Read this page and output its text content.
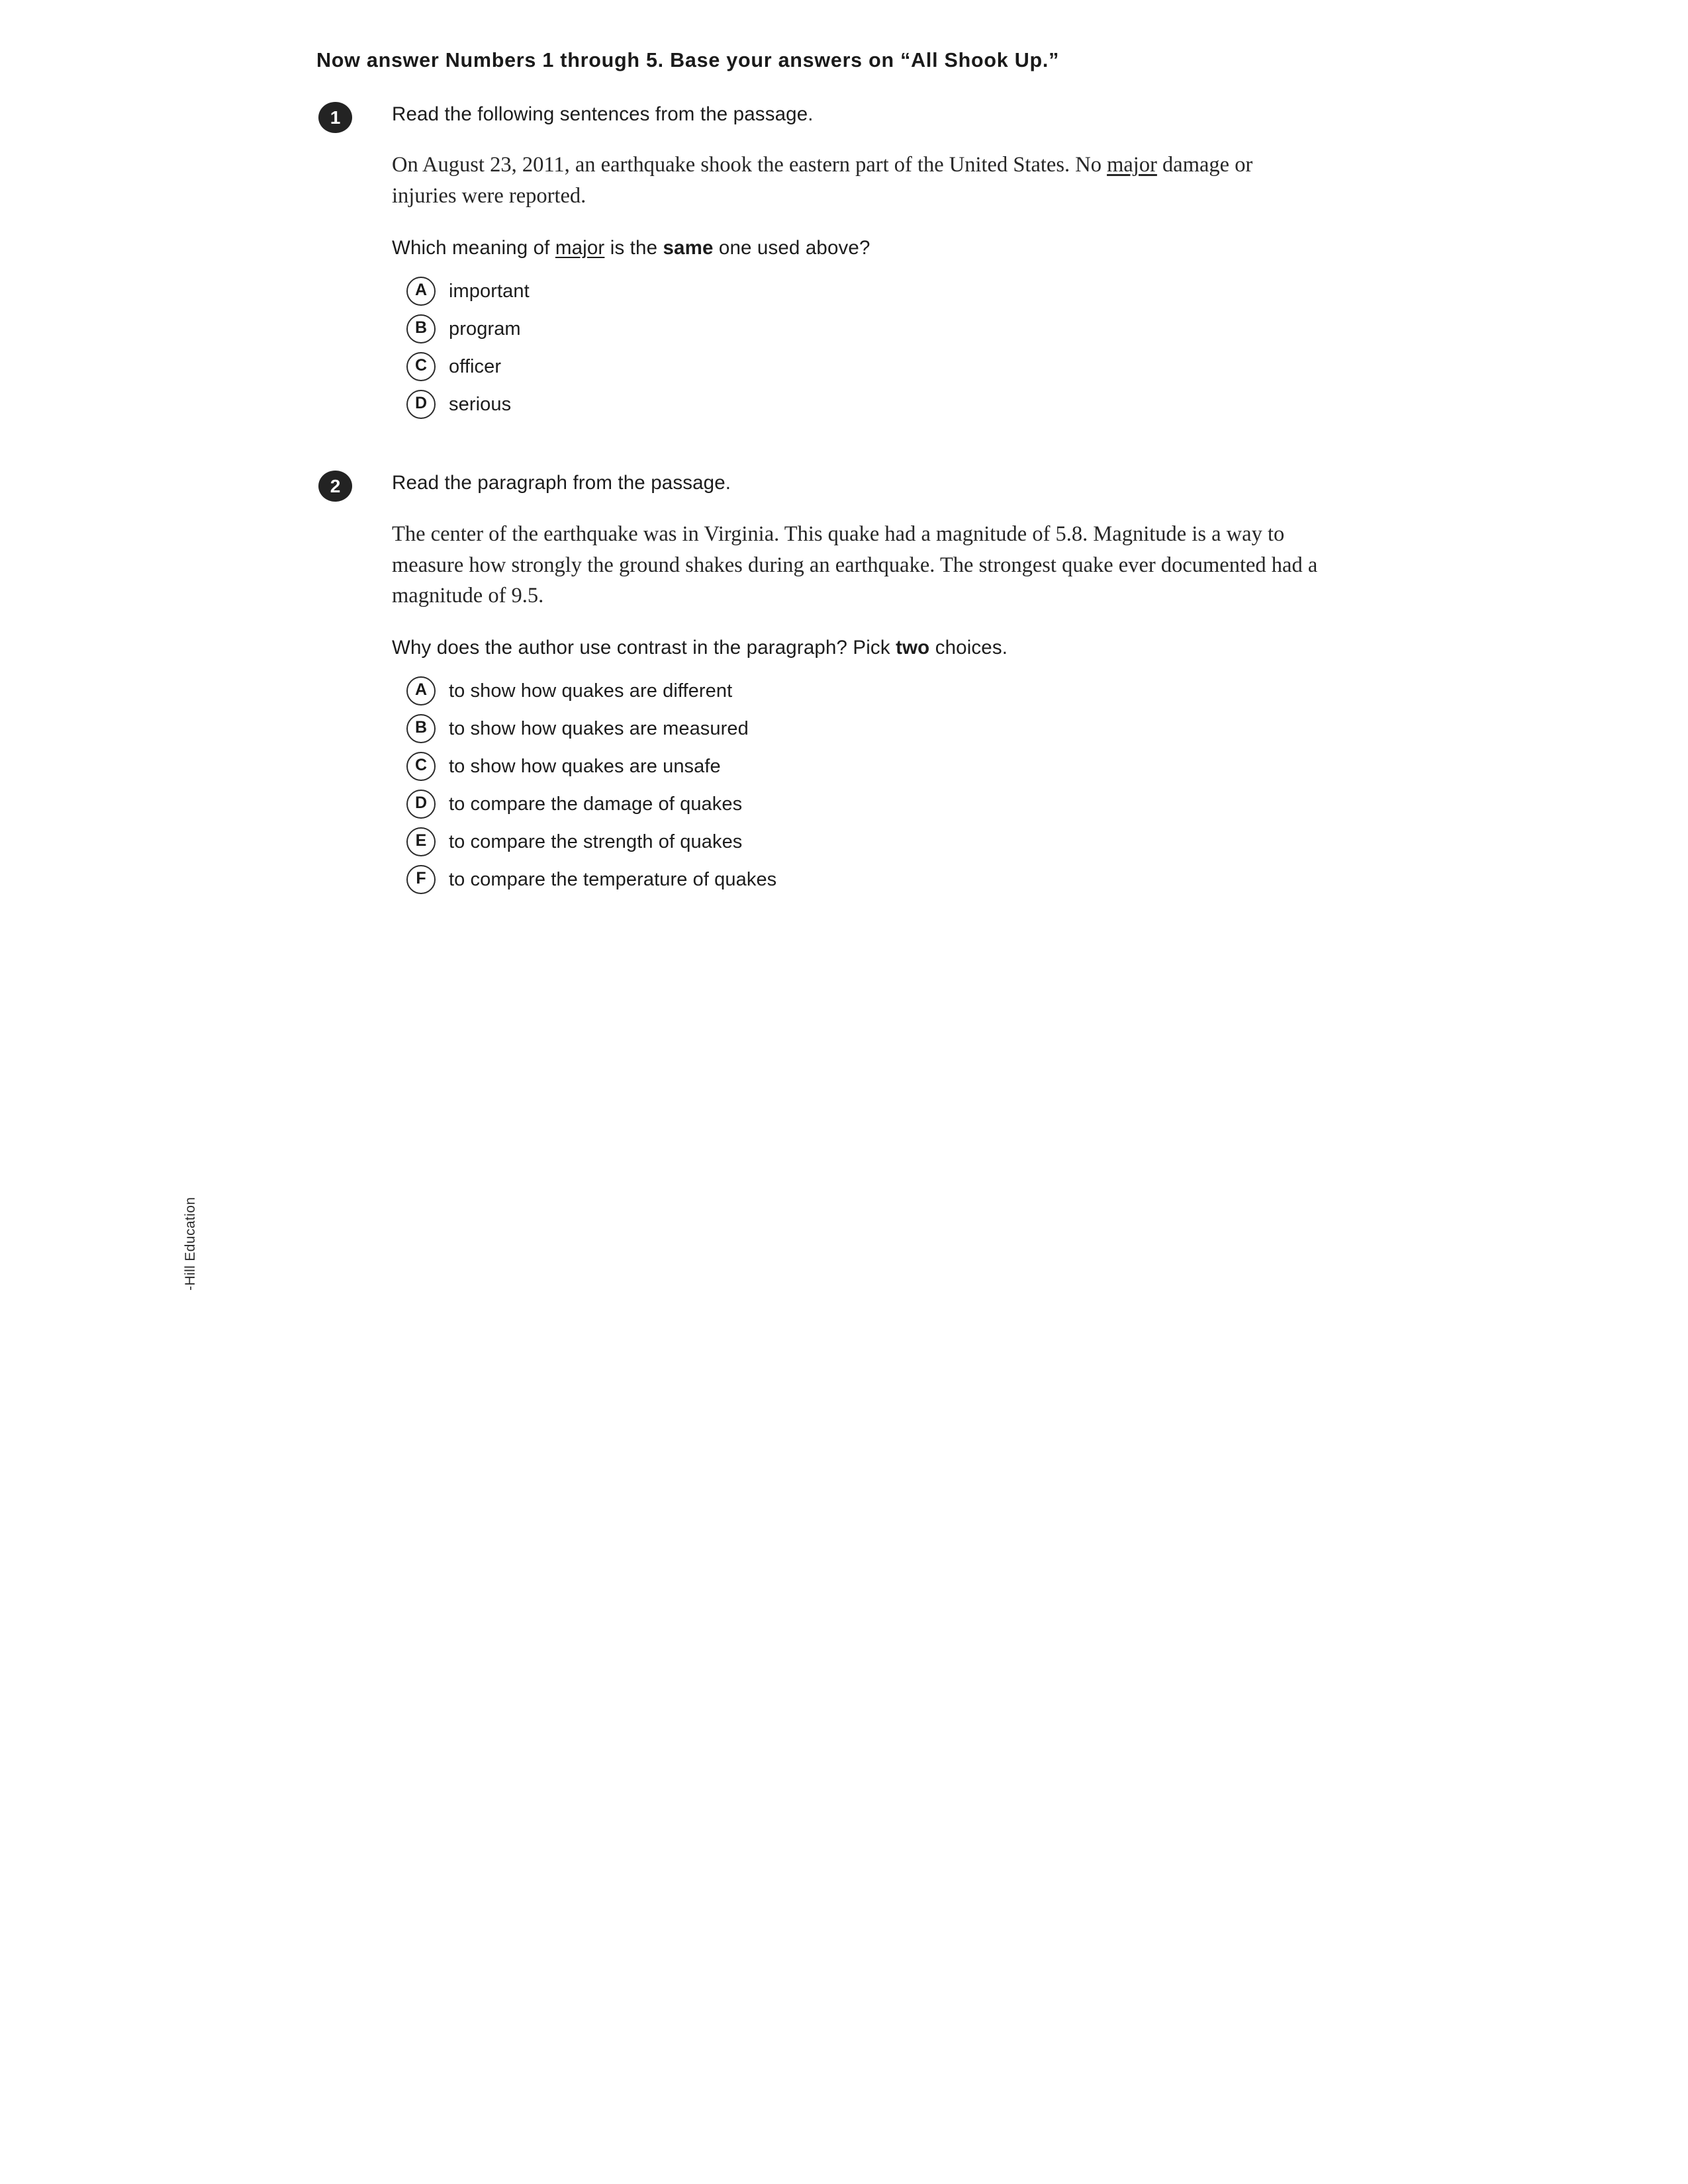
-Hill Education
Now answer Numbers 1 through 5. Base your answers on “All Shook Up.”
1	Read the following sentences from the passage.

On August 23, 2011, an earthquake shook the eastern part of the United States. No major damage or injuries were reported.

Which meaning of major is the same one used above?

A	important
B	program
C	officer
D	serious
2	Read the paragraph from the passage.

The center of the earthquake was in Virginia. This quake had a magnitude of 5.8. Magnitude is a way to measure how strongly the ground shakes during an earthquake. The strongest quake ever documented had a magnitude of 9.5.

Why does the author use contrast in the paragraph? Pick two choices.

A	to show how quakes are different
B	to show how quakes are measured
C	to show how quakes are unsafe
D	to compare the damage of quakes
E	to compare the strength of quakes
F	to compare the temperature of quakes
